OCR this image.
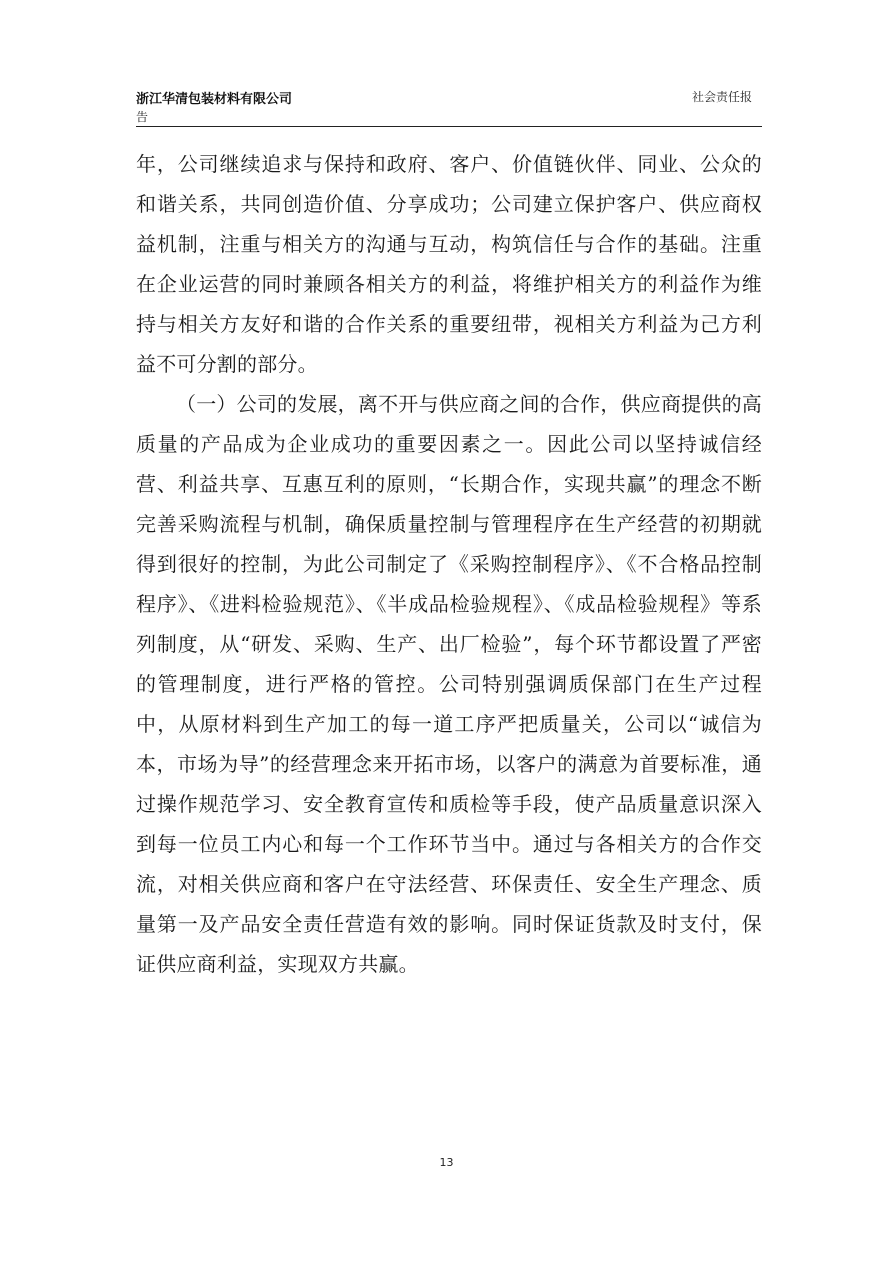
浙江华清包装材料有限公司	社会责任报
告

年，公司继续追求与保持和政府、客户、价值链伙伴、同业、公众的和谐关系，共同创造价值、分享成功；公司建立保护客户、供应商权益机制，注重与相关方的沟通与互动，构筑信任与合作的基础。注重在企业运营的同时兼顾各相关方的利益，将维护相关方的利益作为维持与相关方友好和谐的合作关系的重要纽带，视相关方利益为己方利益不可分割的部分。

（一）公司的发展，离不开与供应商之间的合作，供应商提供的高质量的产品成为企业成功的重要因素之一。因此公司以坚持诚信经营、利益共享、互惠互利的原则，“长期合作，实现共赢”的理念不断完善采购流程与机制，确保质量控制与管理程序在生产经营的初期就得到很好的控制，为此公司制定了《采购控制程序》、《不合格品控制程序》、《进料检验规范》、《半成品检验规程》、《成品检验规程》等系列制度，从“研发、采购、生产、出厂检验”，每个环节都设置了严密的管理制度，进行严格的管控。公司特别强调质保部门在生产过程中，从原材料到生产加工的每一道工序严把质量关，公司以“诚信为本，市场为导”的经营理念来开拓市场，以客户的满意为首要标准，通过操作规范学习、安全教育宣传和质检等手段，使产品质量意识深入到每一位员工内心和每一个工作环节当中。通过与各相关方的合作交流，对相关供应商和客户在守法经营、环保责任、安全生产理念、质量第一及产品安全责任营造有效的影响。同时保证货款及时支付，保证供应商利益，实现双方共赢。

13
